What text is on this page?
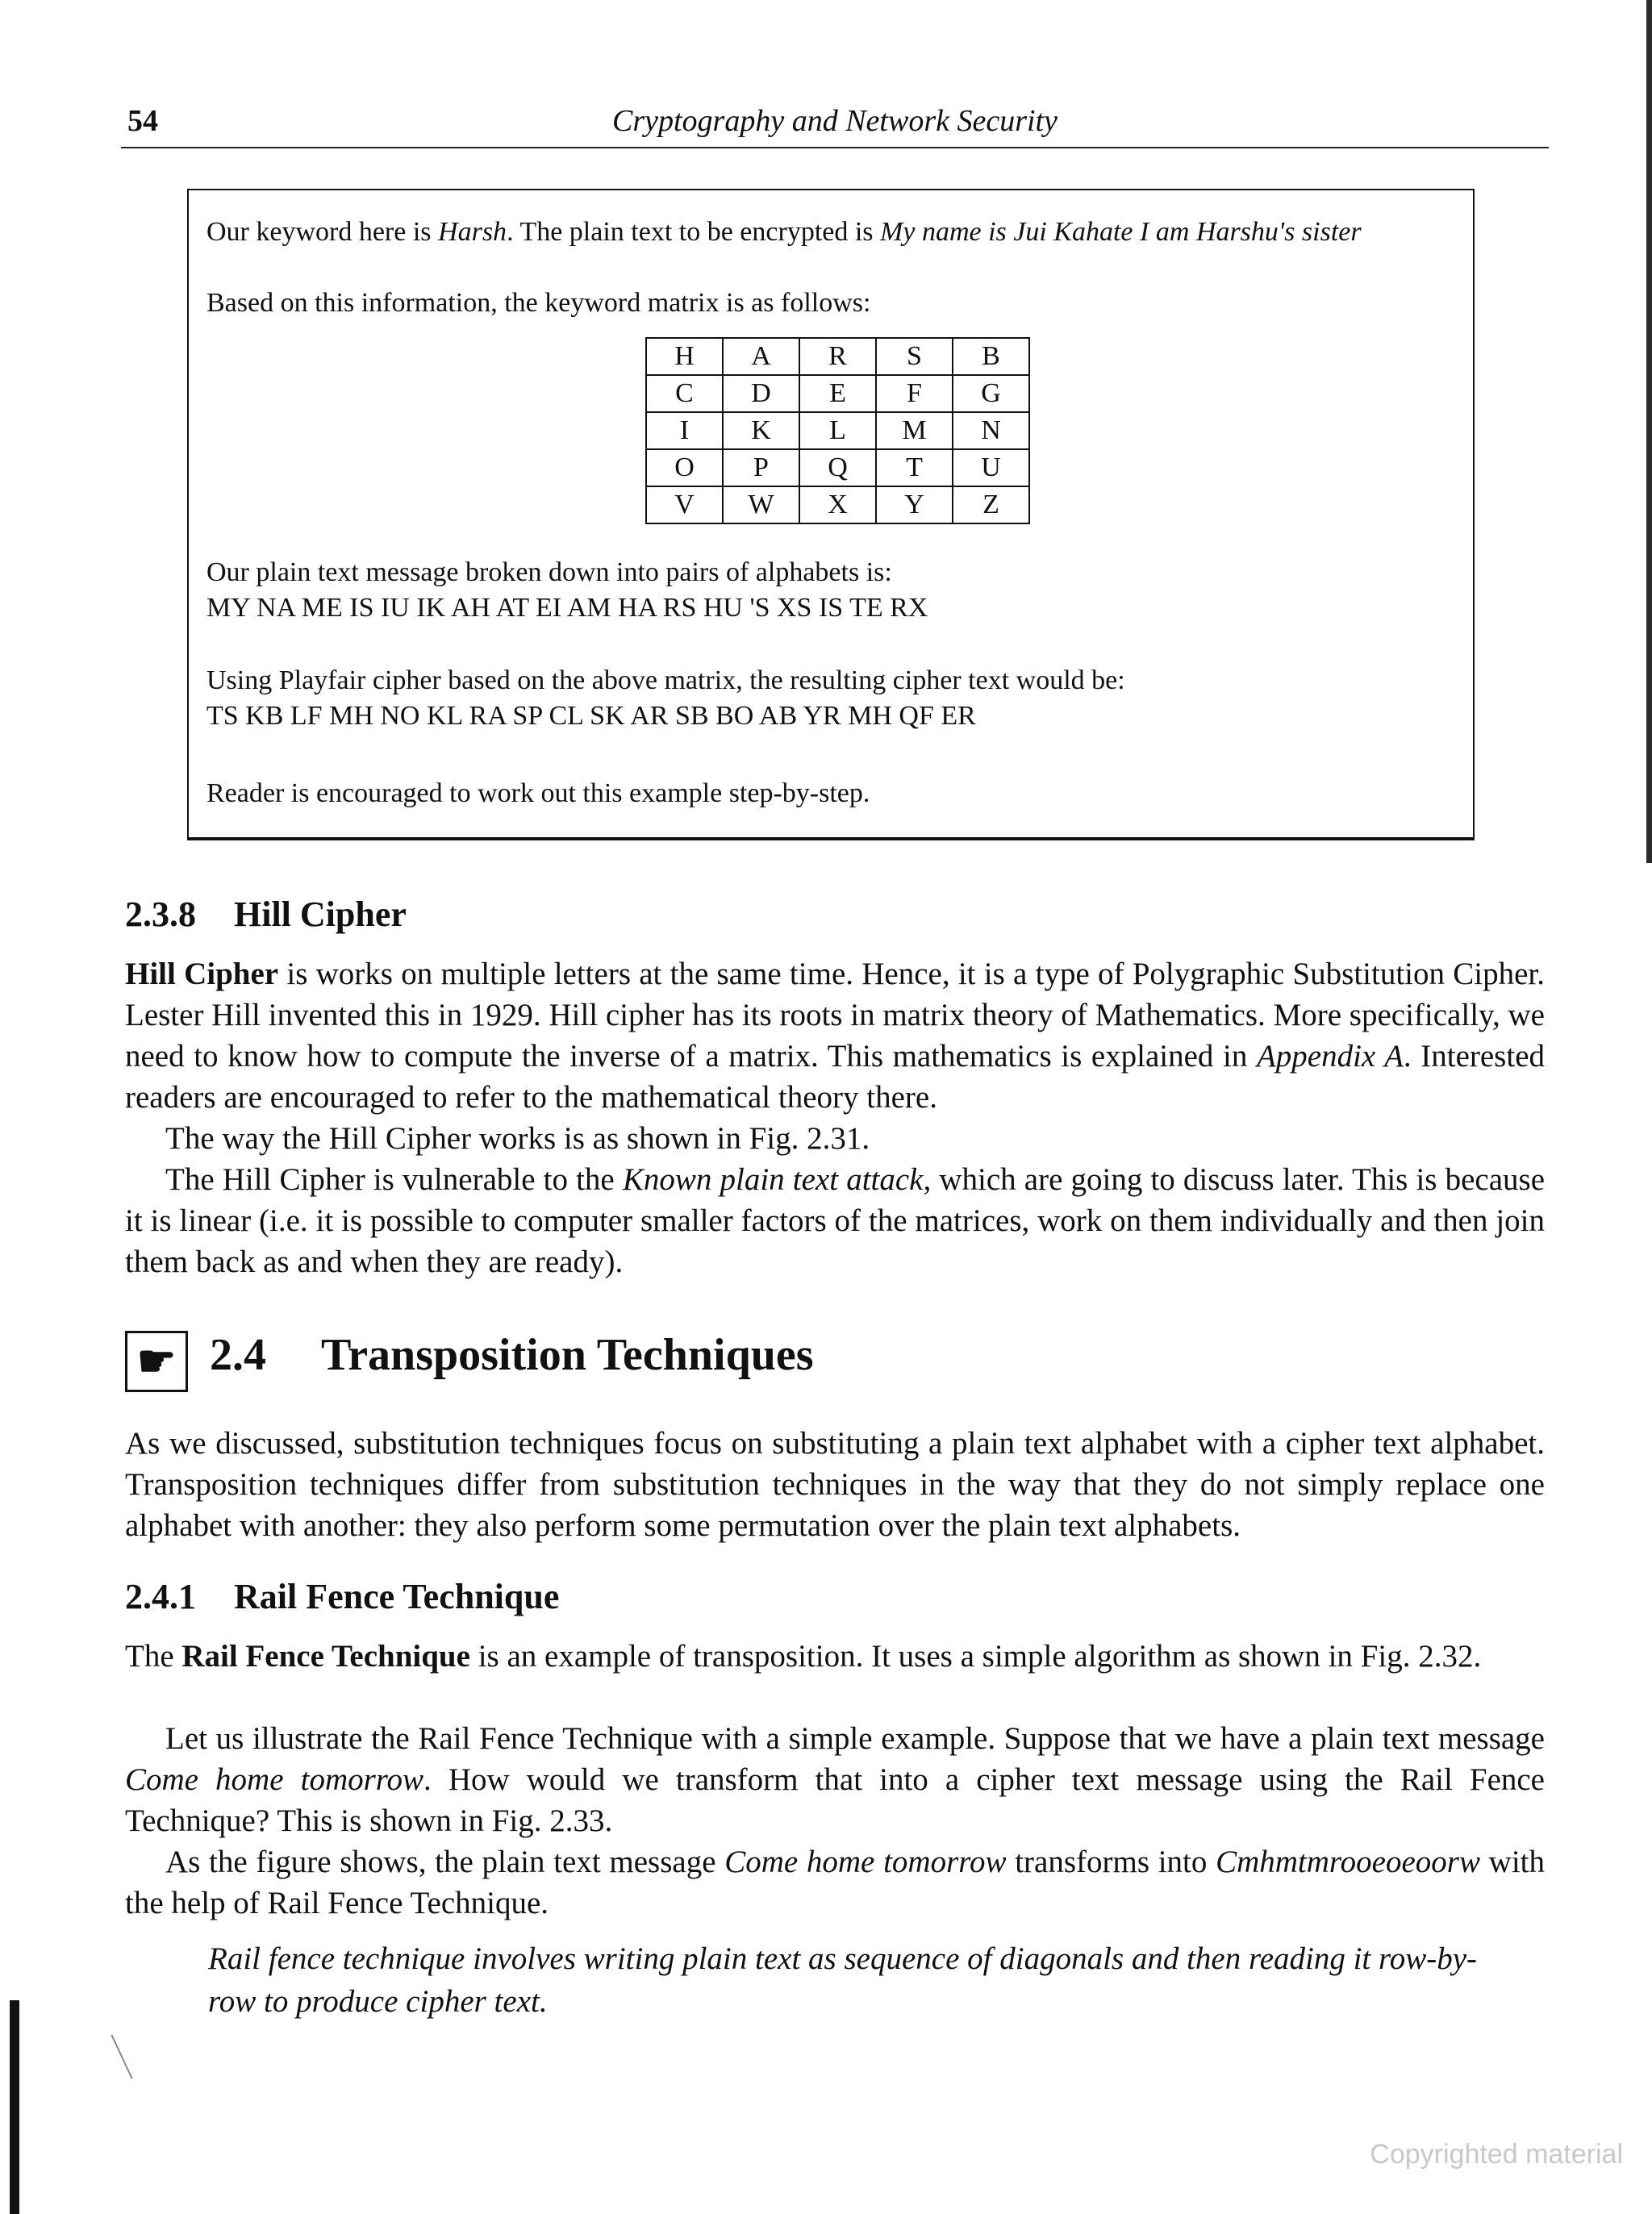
54	Cryptography and Network Security
Our keyword here is Harsh. The plain text to be encrypted is My name is Jui Kahate I am Harshu's sister
Based on this information, the keyword matrix is as follows:
H	A	R	S	B
C	D	E	F	G
I	K	L	M	N
O	P	Q	T	U
V	W	X	Y	Z
Our plain text message broken down into pairs of alphabets is:
MY NA ME IS IU IK AH AT EI AM HA RS HU 'S XS IS TE RX
Using Playfair cipher based on the above matrix, the resulting cipher text would be:
TS KB LF MH NO KL RA SP CL SK AR SB BO AB YR MH QF ER
Reader is encouraged to work out this example step-by-step.
2.3.8 Hill Cipher

Hill Cipher is works on multiple letters at the same time. Hence, it is a type of Polygraphic Substitution Cipher. Lester Hill invented this in 1929. Hill cipher has its roots in matrix theory of Mathematics. More specifically, we need to know how to compute the inverse of a matrix. This mathematics is explained in Appendix A. Interested readers are encouraged to refer to the mathematical theory there.

The way the Hill Cipher works is as shown in Fig. 2.31.

The Hill Cipher is vulnerable to the Known plain text attack, which are going to discuss later. This is because it is linear (i.e. it is possible to computer smaller factors of the matrices, work on them individually and then join them back as and when they are ready).

☛ 2.4 Transposition Techniques

As we discussed, substitution techniques focus on substituting a plain text alphabet with a cipher text alphabet. Transposition techniques differ from substitution techniques in the way that they do not simply replace one alphabet with another: they also perform some permutation over the plain text alphabets.

2.4.1 Rail Fence Technique

The Rail Fence Technique is an example of transposition. It uses a simple algorithm as shown in Fig. 2.32.

Let us illustrate the Rail Fence Technique with a simple example. Suppose that we have a plain text message Come home tomorrow. How would we transform that into a cipher text message using the Rail Fence Technique? This is shown in Fig. 2.33.

As the figure shows, the plain text message Come home tomorrow transforms into Cmhmtmrooeoeoorw with the help of Rail Fence Technique.

Rail fence technique involves writing plain text as sequence of diagonals and then reading it row-by-row to produce cipher text.

Copyrighted material
